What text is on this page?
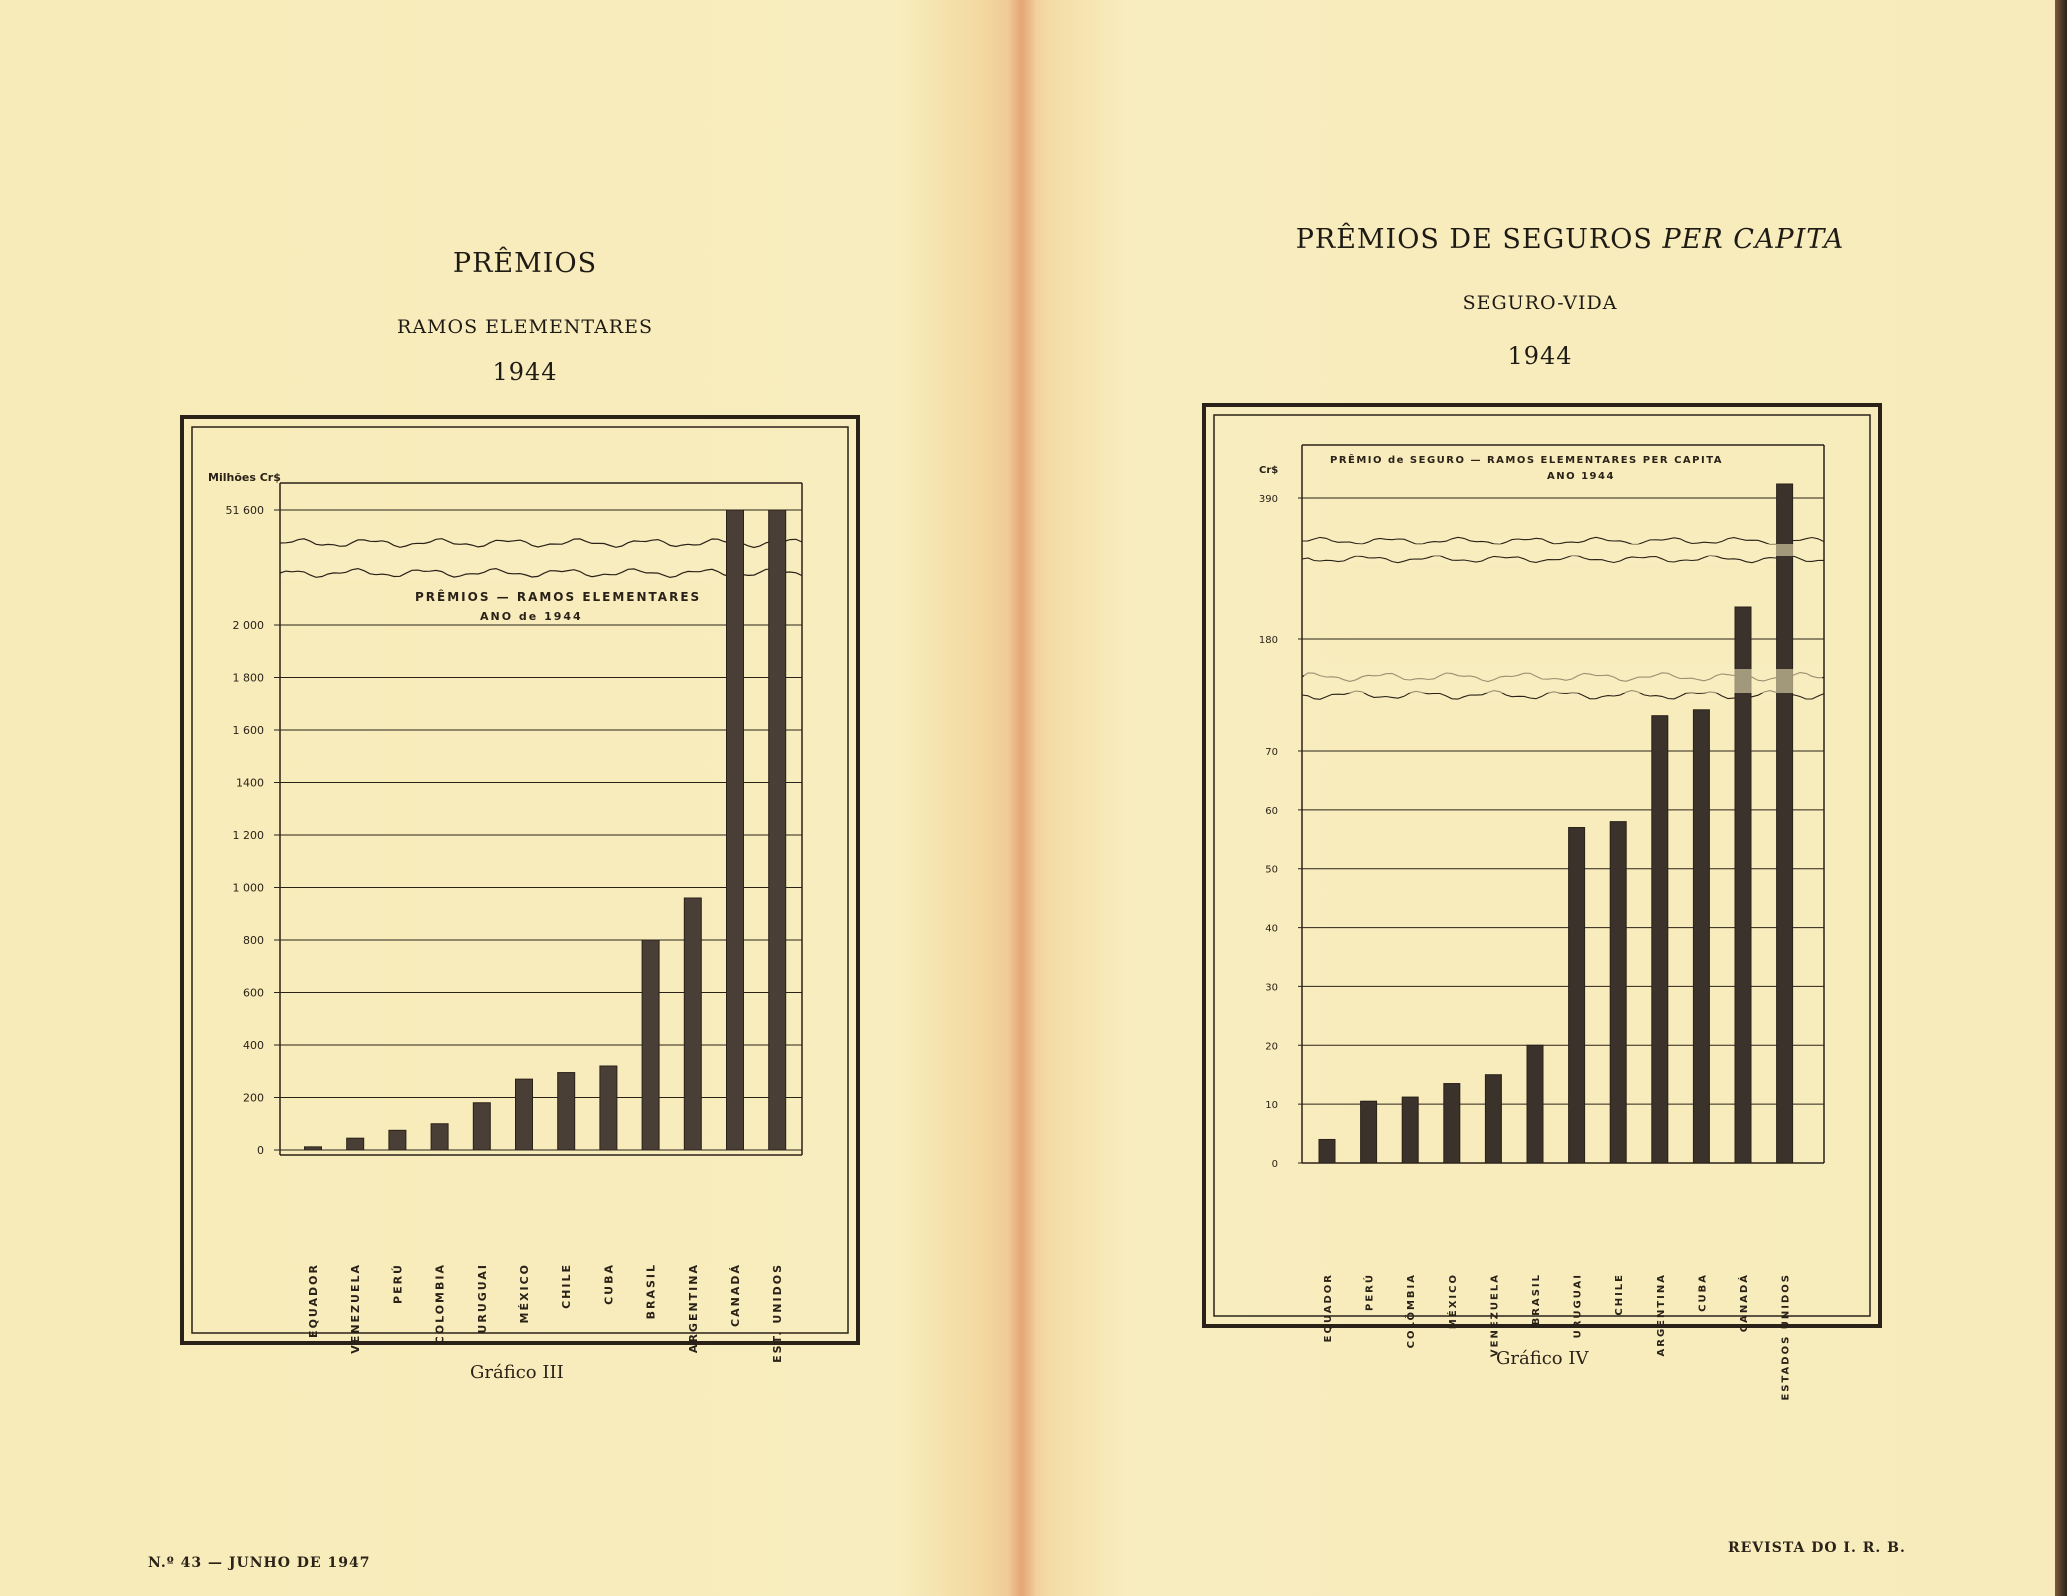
PRÊMIOS
RAMOS ELEMENTARES
1944
0
200
400
600
800
1 000
1 200
1400
1 600
1 800
2 000
51 600
EQUADOR	VENEZUELA	PERÚ	COLOMBIA	URUGUAI	MÉXICO	CHILE	CUBA	BRASIL	ARGENTINA	CANADÁ	EST. UNIDOS
Milhões Cr$
PRÊMIOS — RAMOS ELEMENTARES
ANO de 1944
Gráfico III
N.º 43 — JUNHO DE 1947
PRÊMIOS DE SEGUROS PER CAPITA
SEGURO-VIDA
1944
0
10
20
30
40
50
60
70
180
390
EQUADOR	PERÚ	COLÔMBIA	MÉXICO	VENEZUELA	BRASIL	URUGUAI	CHILE	ARGENTINA	CUBA	CANADÁ	ESTADOS UNIDOS
Cr$
PRÊMIO de SEGURO — RAMOS ELEMENTARES PER CAPITA
ANO 1944
Gráfico IV
REVISTA DO I. R. B.
